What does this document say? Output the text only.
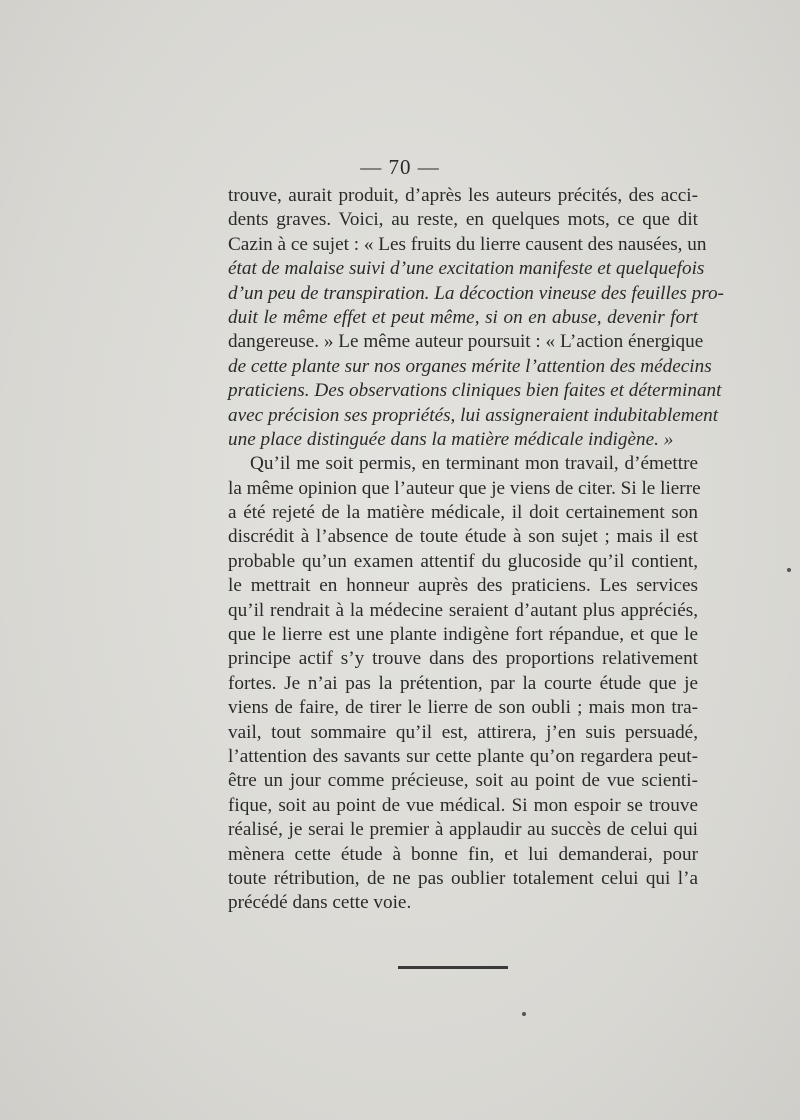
— 70 —
trouve, aurait produit, d’après les auteurs précités, des acci-
dents graves. Voici, au reste, en quelques mots, ce que dit
Cazin à ce sujet : « Les fruits du lierre causent des nausées, un
état de malaise suivi d’une excitation manifeste et quelquefois
d’un peu de transpiration. La décoction vineuse des feuilles pro-
duit le même effet et peut même, si on en abuse, devenir fort
dangereuse. » Le même auteur poursuit : « L’action énergique
de cette plante sur nos organes mérite l’attention des médecins
praticiens. Des observations cliniques bien faites et déterminant
avec précision ses propriétés, lui assigneraient indubitablement
une place distinguée dans la matière médicale indigène. »
Qu’il me soit permis, en terminant mon travail, d’émettre
la même opinion que l’auteur que je viens de citer. Si le lierre
a été rejeté de la matière médicale, il doit certainement son
discrédit à l’absence de toute étude à son sujet ; mais il est
probable qu’un examen attentif du glucoside qu’il contient,
le mettrait en honneur auprès des praticiens. Les services
qu’il rendrait à la médecine seraient d’autant plus appréciés,
que le lierre est une plante indigène fort répandue, et que le
principe actif s’y trouve dans des proportions relativement
fortes. Je n’ai pas la prétention, par la courte étude que je
viens de faire, de tirer le lierre de son oubli ; mais mon tra-
vail, tout sommaire qu’il est, attirera, j’en suis persuadé,
l’attention des savants sur cette plante qu’on regardera peut-
être un jour comme précieuse, soit au point de vue scienti-
fique, soit au point de vue médical. Si mon espoir se trouve
réalisé, je serai le premier à applaudir au succès de celui qui
mènera cette étude à bonne fin, et lui demanderai, pour
toute rétribution, de ne pas oublier totalement celui qui l’a
précédé dans cette voie.
